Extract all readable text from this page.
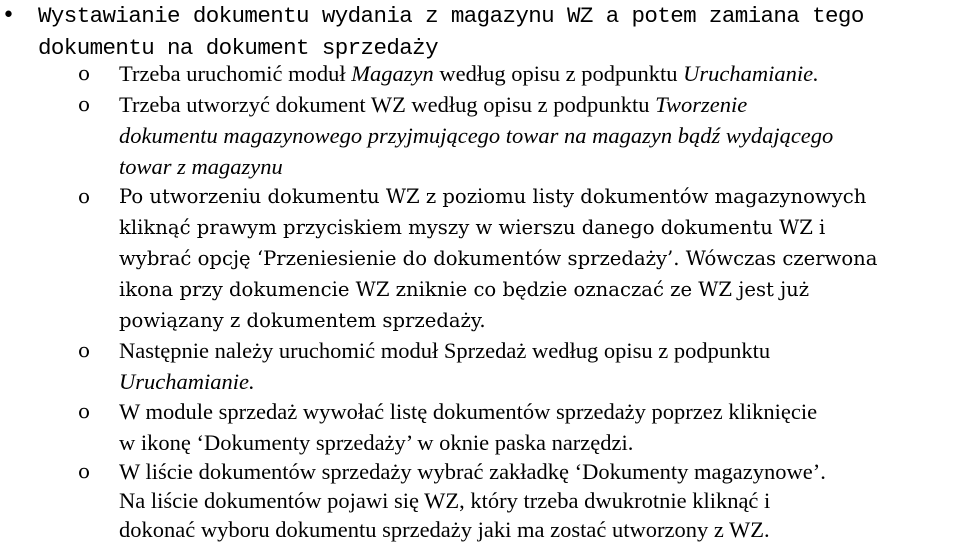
• Wystawianie dokumentu wydania z magazynu WZ a potem zamiana tego
dokumentu na dokument sprzedaży
o Trzeba uruchomić moduł Magazyn według opisu z podpunktu Uruchamianie.
o Trzeba utworzyć dokument WZ według opisu z podpunktu Tworzenie
dokumentu magazynowego przyjmującego towar na magazyn bądź wydającego
towar z magazynu
o Po utworzeniu dokumentu WZ z poziomu listy dokumentów magazynowych
kliknąć prawym przyciskiem myszy w wierszu danego dokumentu WZ i
wybrać opcję ‘Przeniesienie do dokumentów sprzedaży’. Wówczas czerwona
ikona przy dokumencie WZ zniknie co będzie oznaczać ze WZ jest już
powiązany z dokumentem sprzedaży.
o Następnie należy uruchomić moduł Sprzedaż według opisu z podpunktu
Uruchamianie.
o W module sprzedaż wywołać listę dokumentów sprzedaży poprzez kliknięcie
w ikonę ‘Dokumenty sprzedaży’ w oknie paska narzędzi.
o W liście dokumentów sprzedaży wybrać zakładkę ‘Dokumenty magazynowe’.
Na liście dokumentów pojawi się WZ, który trzeba dwukrotnie kliknąć i
dokonać wyboru dokumentu sprzedaży jaki ma zostać utworzony z WZ.
